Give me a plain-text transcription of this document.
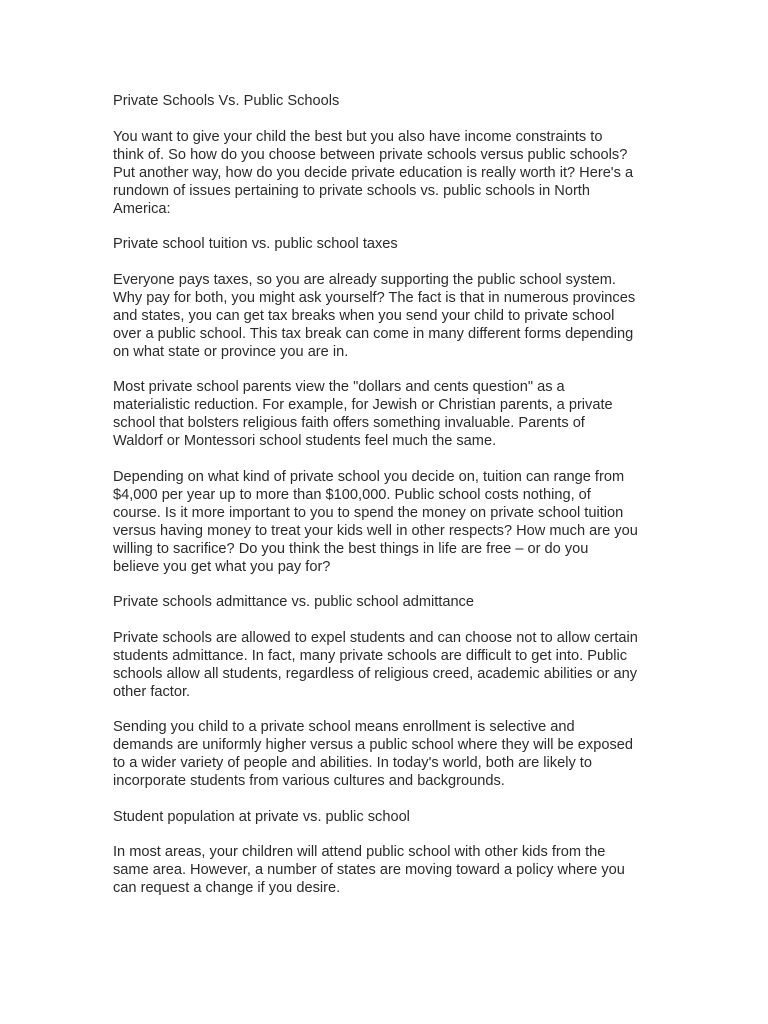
Private Schools Vs. Public Schools
You want to give your child the best but you also have income constraints to
think of. So how do you choose between private schools versus public schools?
Put another way, how do you decide private education is really worth it? Here's a
rundown of issues pertaining to private schools vs. public schools in North
America:
Private school tuition vs. public school taxes
Everyone pays taxes, so you are already supporting the public school system.
Why pay for both, you might ask yourself? The fact is that in numerous provinces
and states, you can get tax breaks when you send your child to private school
over a public school. This tax break can come in many different forms depending
on what state or province you are in.
Most private school parents view the "dollars and cents question" as a
materialistic reduction. For example, for Jewish or Christian parents, a private
school that bolsters religious faith offers something invaluable. Parents of
Waldorf or Montessori school students feel much the same.
Depending on what kind of private school you decide on, tuition can range from
$4,000 per year up to more than $100,000. Public school costs nothing, of
course. Is it more important to you to spend the money on private school tuition
versus having money to treat your kids well in other respects? How much are you
willing to sacrifice? Do you think the best things in life are free – or do you
believe you get what you pay for?
Private schools admittance vs. public school admittance
Private schools are allowed to expel students and can choose not to allow certain
students admittance. In fact, many private schools are difficult to get into. Public
schools allow all students, regardless of religious creed, academic abilities or any
other factor.
Sending you child to a private school means enrollment is selective and
demands are uniformly higher versus a public school where they will be exposed
to a wider variety of people and abilities. In today's world, both are likely to
incorporate students from various cultures and backgrounds.
Student population at private vs. public school
In most areas, your children will attend public school with other kids from the
same area. However, a number of states are moving toward a policy where you
can request a change if you desire.
